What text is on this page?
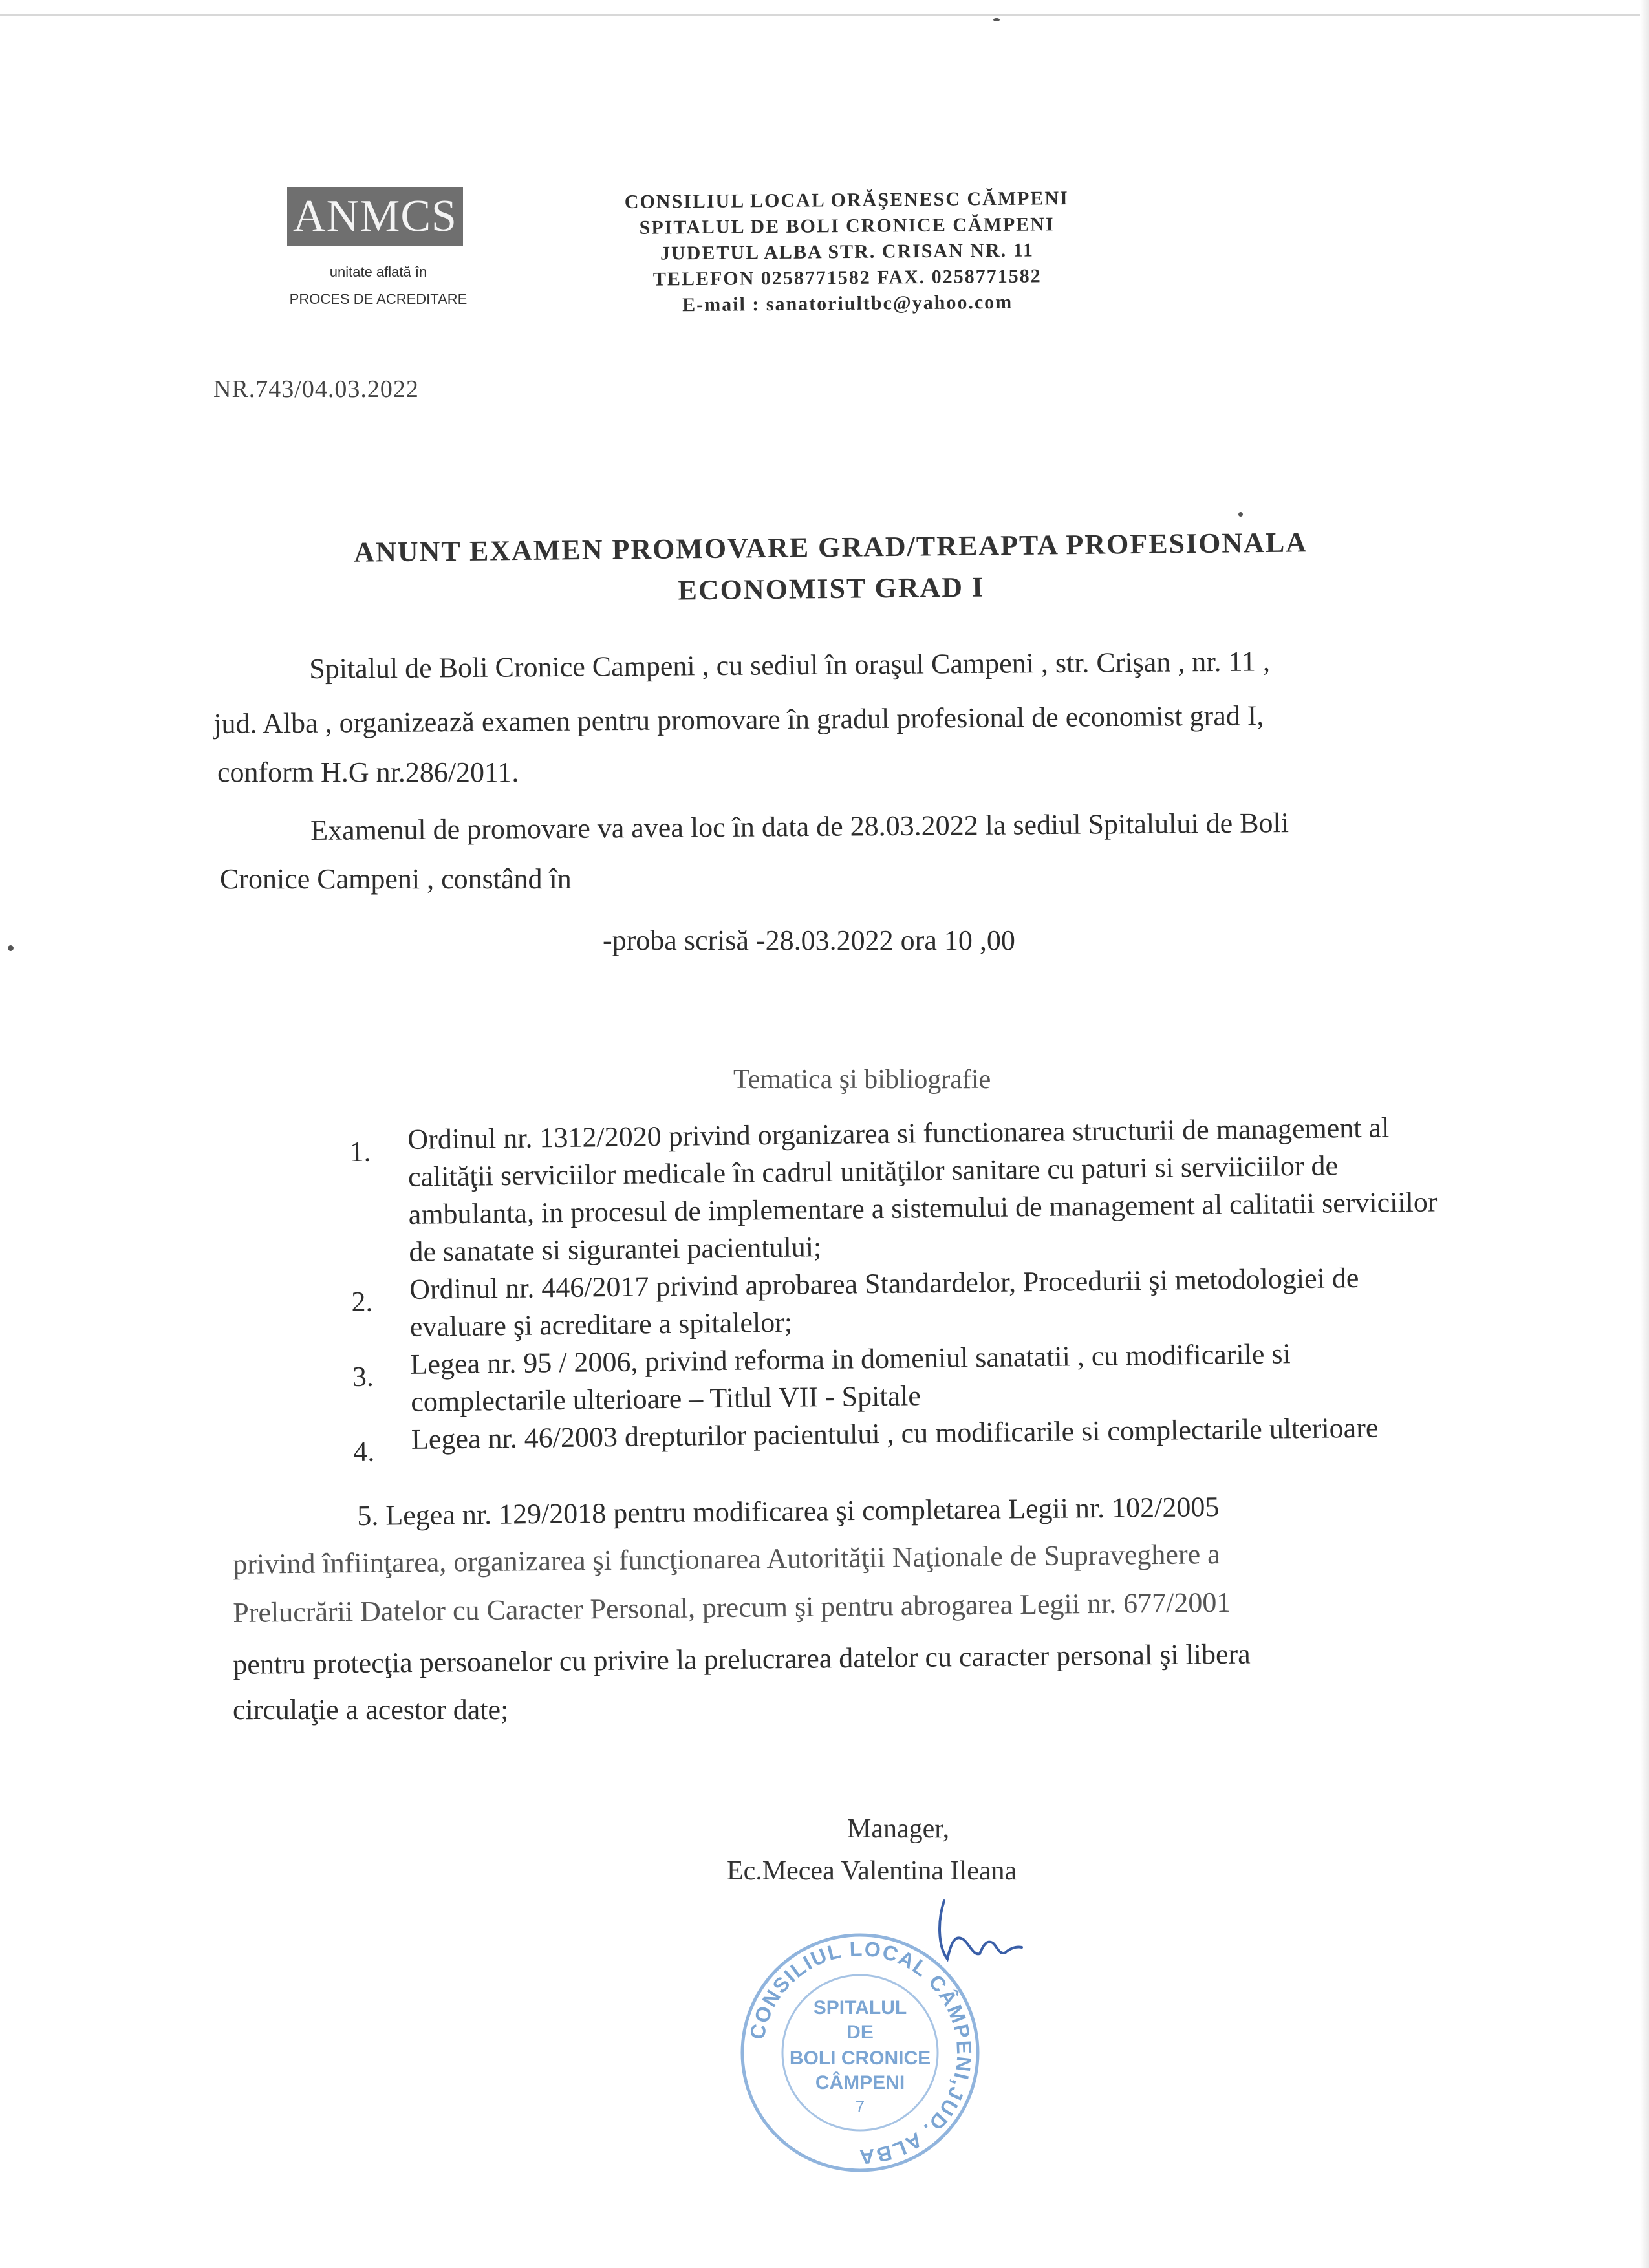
ANMCS
unitate aflată în
PROCES DE ACREDITARE
CONSILIUL LOCAL ORĂŞENESC CĂMPENI
SPITALUL DE BOLI CRONICE CĂMPENI
JUDETUL ALBA STR. CRISAN NR. 11
TELEFON 0258771582 FAX. 0258771582
E-mail : sanatoriultbc@yahoo.com
NR.743/04.03.2022
ANUNT EXAMEN PROMOVARE GRAD/TREAPTA PROFESIONALA
ECONOMIST GRAD I
Spitalul de Boli Cronice Campeni , cu sediul în oraşul Campeni , str. Crişan , nr. 11 ,
jud. Alba , organizează examen pentru promovare în gradul profesional de economist grad I,
conform H.G nr.286/2011.
Examenul de promovare va avea loc în data de 28.03.2022 la sediul Spitalului de Boli
Cronice Campeni , constând în
-proba scrisă -28.03.2022 ora 10 ,00
Tematica şi bibliografie
1.	Ordinul nr. 1312/2020 privind organizarea si functionarea structurii de management al calităţii serviciilor medicale în cadrul unităţilor sanitare cu paturi si serviiciilor de ambulanta, in procesul de implementare a sistemului de management al calitatii serviciilor de sanatate si sigurantei pacientului;
2.	Ordinul nr. 446/2017 privind aprobarea Standardelor, Procedurii şi metodologiei de evaluare şi acreditare a spitalelor;
3.	Legea nr. 95 / 2006, privind reforma in domeniul sanatatii , cu modificarile si complectarile ulterioare – Titlul VII - Spitale
4.	Legea nr. 46/2003 drepturilor pacientului , cu modificarile si complectarile ulterioare
5. Legea nr. 129/2018 pentru modificarea şi completarea Legii nr. 102/2005
privind înfiinţarea, organizarea şi funcţionarea Autorităţii Naţionale de Supraveghere a
Prelucrării Datelor cu Caracter Personal, precum şi pentru abrogarea Legii nr. 677/2001
pentru protecţia persoanelor cu privire la prelucrarea datelor cu caracter personal şi libera
circulaţie a acestor date;
Manager,
Ec.Mecea Valentina Ileana
CONSILIUL LOCAL CÂMPENI,JUD. ALBA
SPITALUL
DE
BOLI CRONICE
CÂMPENI
7
